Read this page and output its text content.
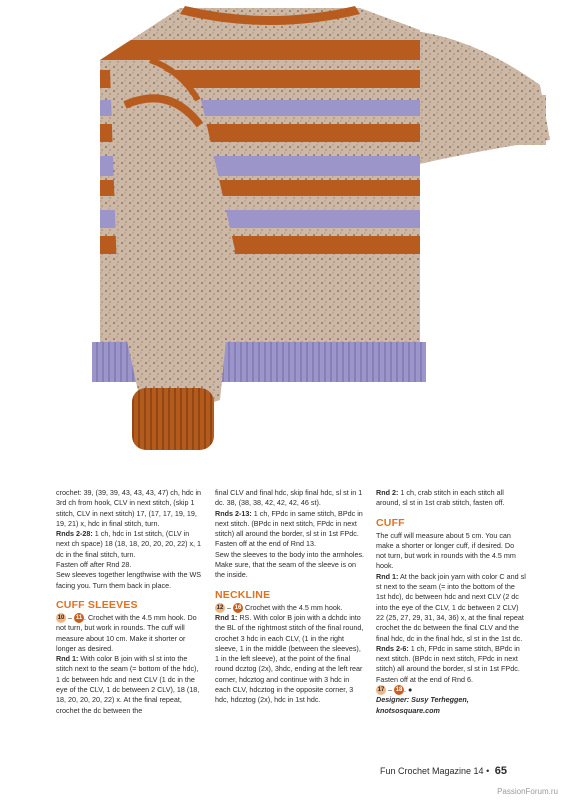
crochet: 39, (39, 39, 43, 43, 43, 47) ch, hdc in 3rd ch from hook, CLV in next stitch, (skip 1 stitch, CLV in next stitch) 17, (17, 17, 19, 19, 19, 21) x, hdc in final stitch, turn.

Rnds 2-28: 1 ch, hdc in 1st stitch, (CLV in next ch space) 18 (18, 18, 20, 20, 20, 22) x, 1 dc in the final stitch, turn.

Fasten off after Rnd 28.

Sew sleeves together lengthwise with the WS facing you. Turn them back in place.

CUFF SLEEVES

10 – 11 . Crochet with the 4.5 mm hook. Do not turn, but work in rounds. The cuff will measure about 10 cm. Make it shorter or longer as desired.

Rnd 1: With color B join with sl st into the stitch next to the seam (= bottom of the hdc), 1 dc between hdc and next CLV (1 dc in the eye of the CLV, 1 dc between 2 CLV), 18 (18, 18, 20, 20, 20, 22) x. At the final repeat, crochet the dc between the

final CLV and final hdc, skip final hdc, sl st in 1 dc. 38, (38, 38, 42, 42, 42, 46 st).

Rnds 2-13: 1 ch, FPdc in same stitch, BPdc in next stitch. (BPdc in next stitch, FPdc in next stitch) all around the border, sl st in 1st FPdc. Fasten off at the end of Rnd 13.

Sew the sleeves to the body into the armholes. Make sure, that the seam of the sleeve is on the inside.

NECKLINE

12 – 16 Crochet with the 4.5 mm hook.

Rnd 1: RS. With color B join with a dchdc into the BL of the rightmost stitch of the final round, crochet 3 hdc in each CLV, (1 in the right sleeve, 1 in the middle (between the sleeves), 1 in the left sleeve), at the point of the final round dcztog (2x), 3hdc, ending at the left rear corner, hdcztog and continue with 3 hdc in each CLV, hdcztog in the opposite corner, 3 hdc, hdcztog (2x), hdc in 1st hdc.

Rnd 2: 1 ch, crab stitch in each stitch all around, sl st in 1st crab stitch, fasten off.

CUFF

The cuff will measure about 5 cm. You can make a shorter or longer cuff, if desired. Do not turn, but work in rounds with the 4.5 mm hook.

Rnd 1: At the back join yarn with color C and sl st next to the seam (= into the bottom of the 1st hdc), dc between hdc and next CLV (2 dc into the eye of the CLV, 1 dc between 2 CLV) 22 (25, 27, 29, 31, 34, 36) x, at the final repeat crochet the dc between the final CLV and the final hdc, dc in the final hdc, sl st in the 1st dc.

Rnds 2-6: 1 ch, FPdc in same stitch, BPdc in next stitch. (BPdc in next stitch, FPdc in next stitch) all around the border, sl st in 1st FPdc. Fasten off at the end of Rnd 6.

17 – 18 . ●

Designer: Susy Terheggen, knotsosquare.com

Fun Crochet Magazine 14 • 65
PassionForum.ru
